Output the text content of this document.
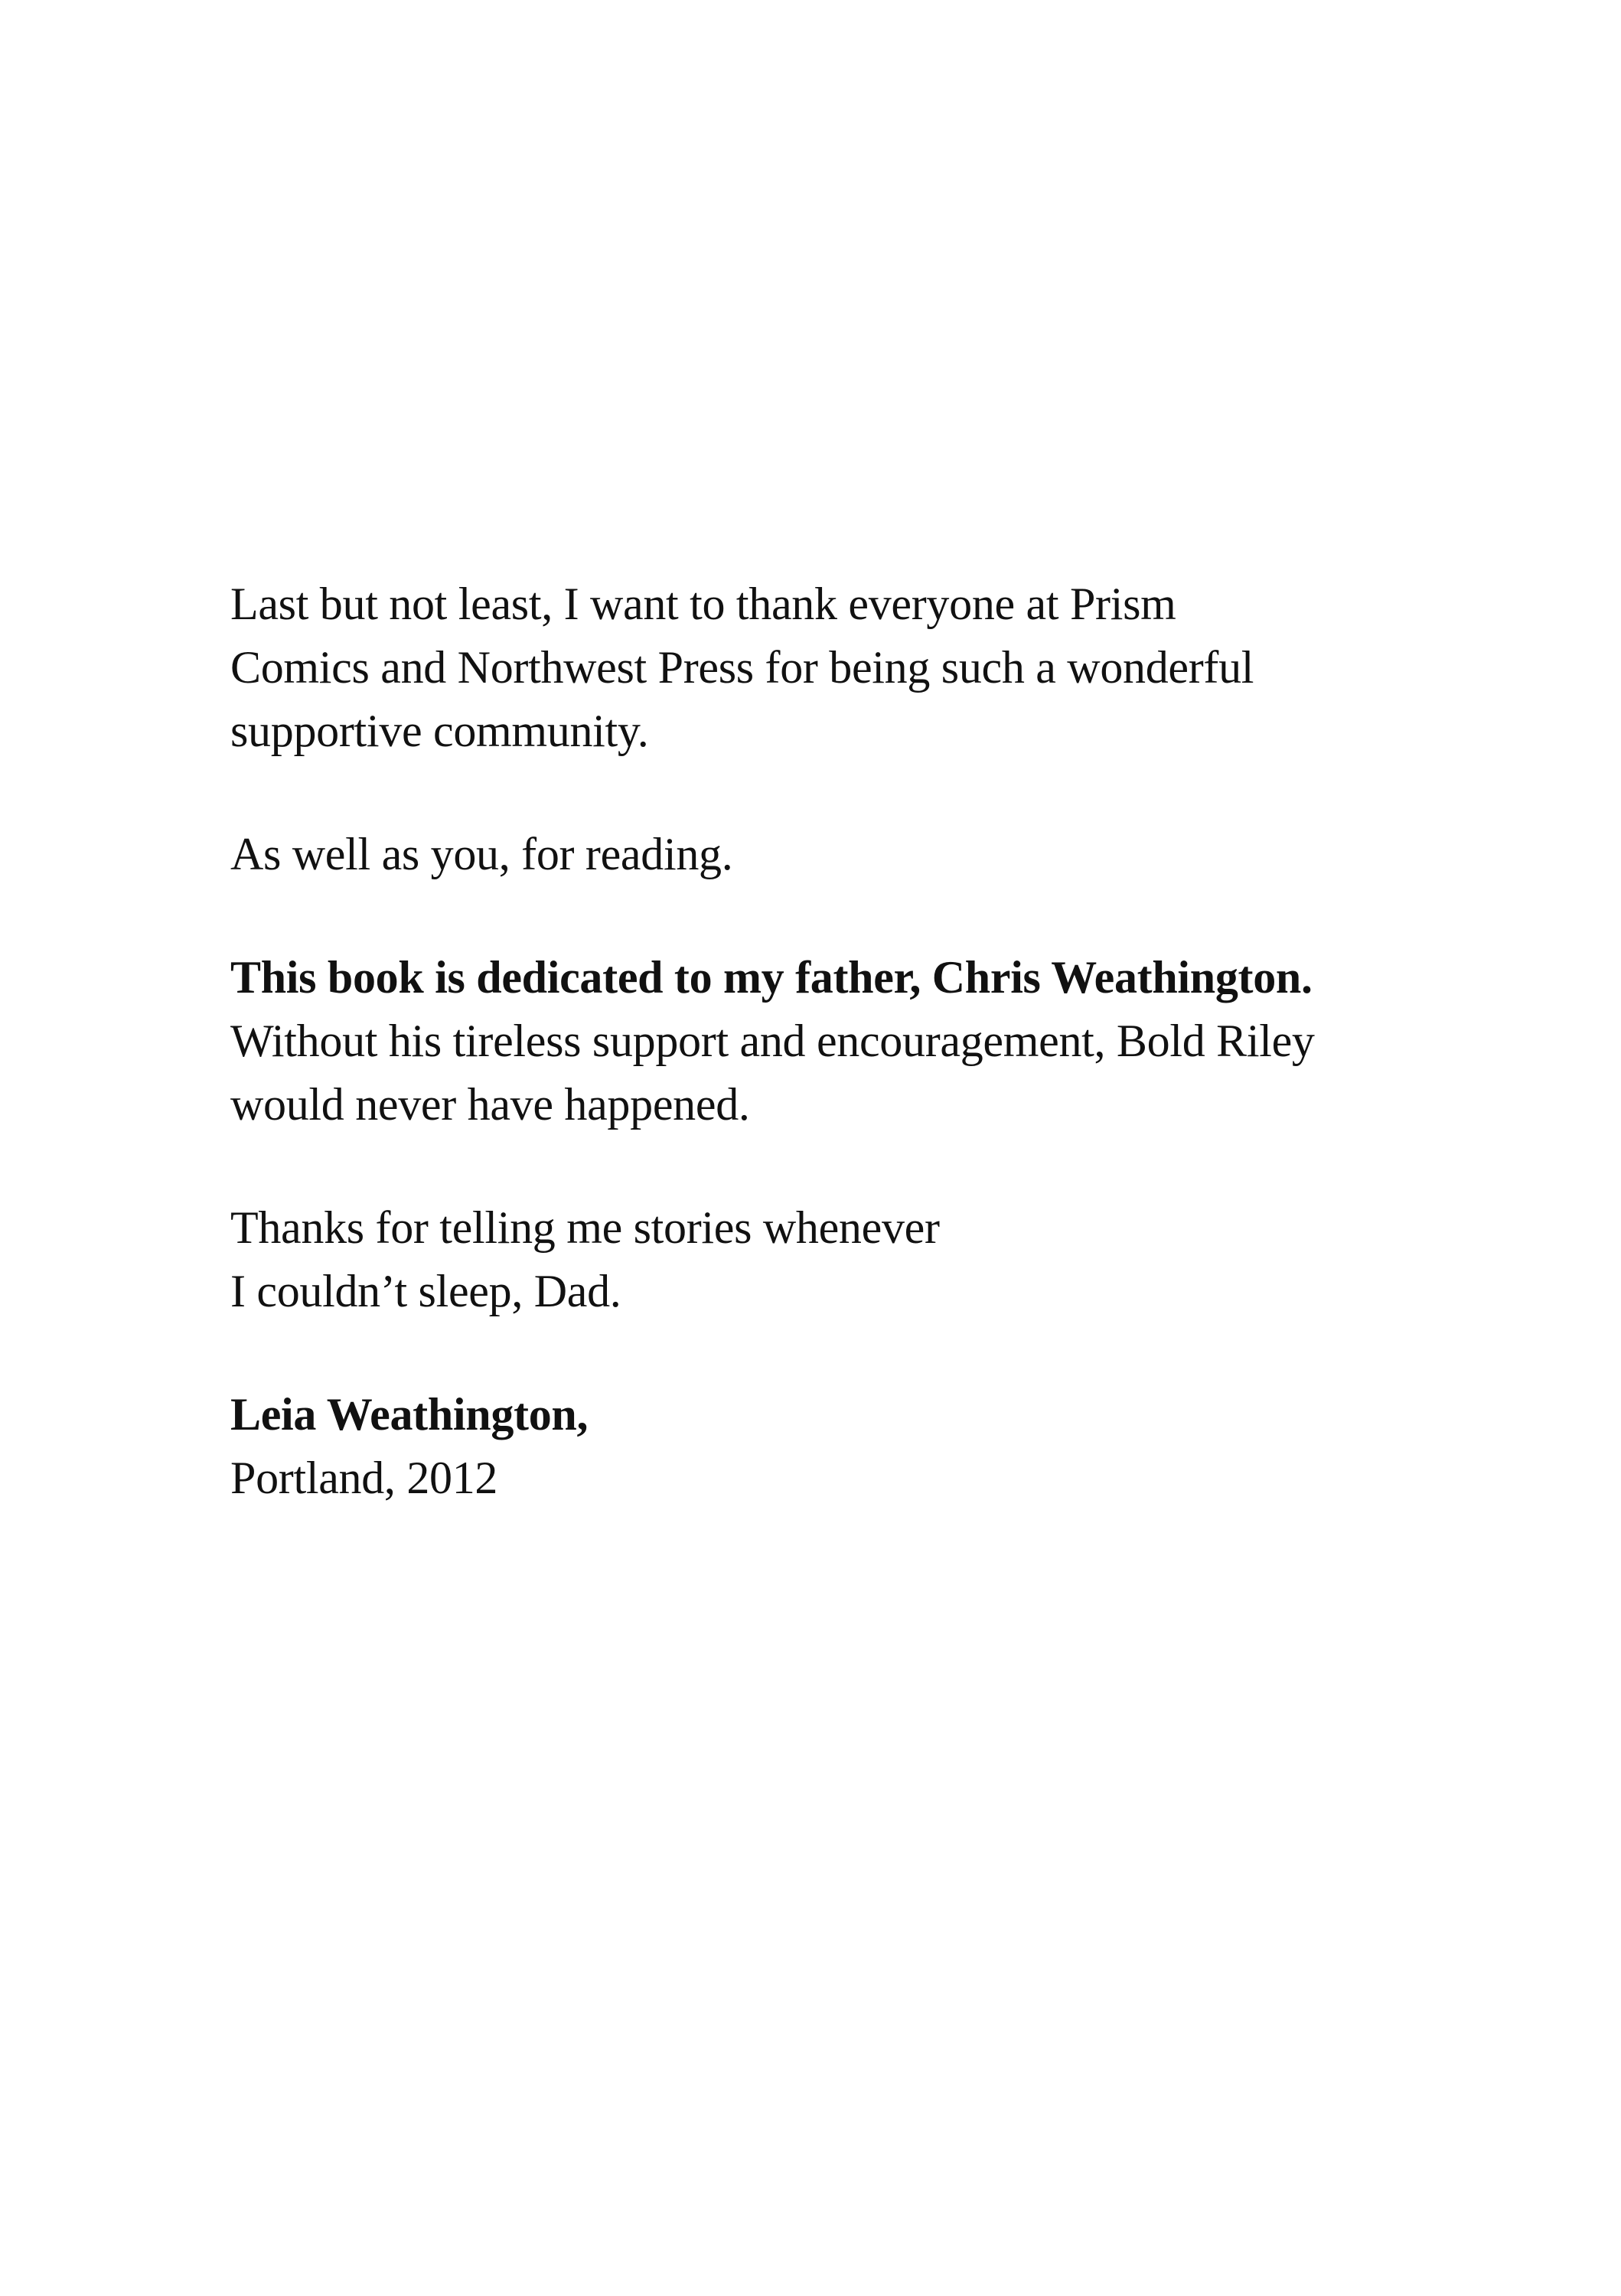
Last but not least, I want to thank everyone at Prism
Comics and Northwest Press for being such a wonderful
supportive community.

As well as you, for reading.

This book is dedicated to my father, Chris Weathington.
Without his tireless support and encouragement, Bold Riley
would never have happened.

Thanks for telling me stories whenever
I couldn’t sleep, Dad.

Leia Weathington,
Portland, 2012
